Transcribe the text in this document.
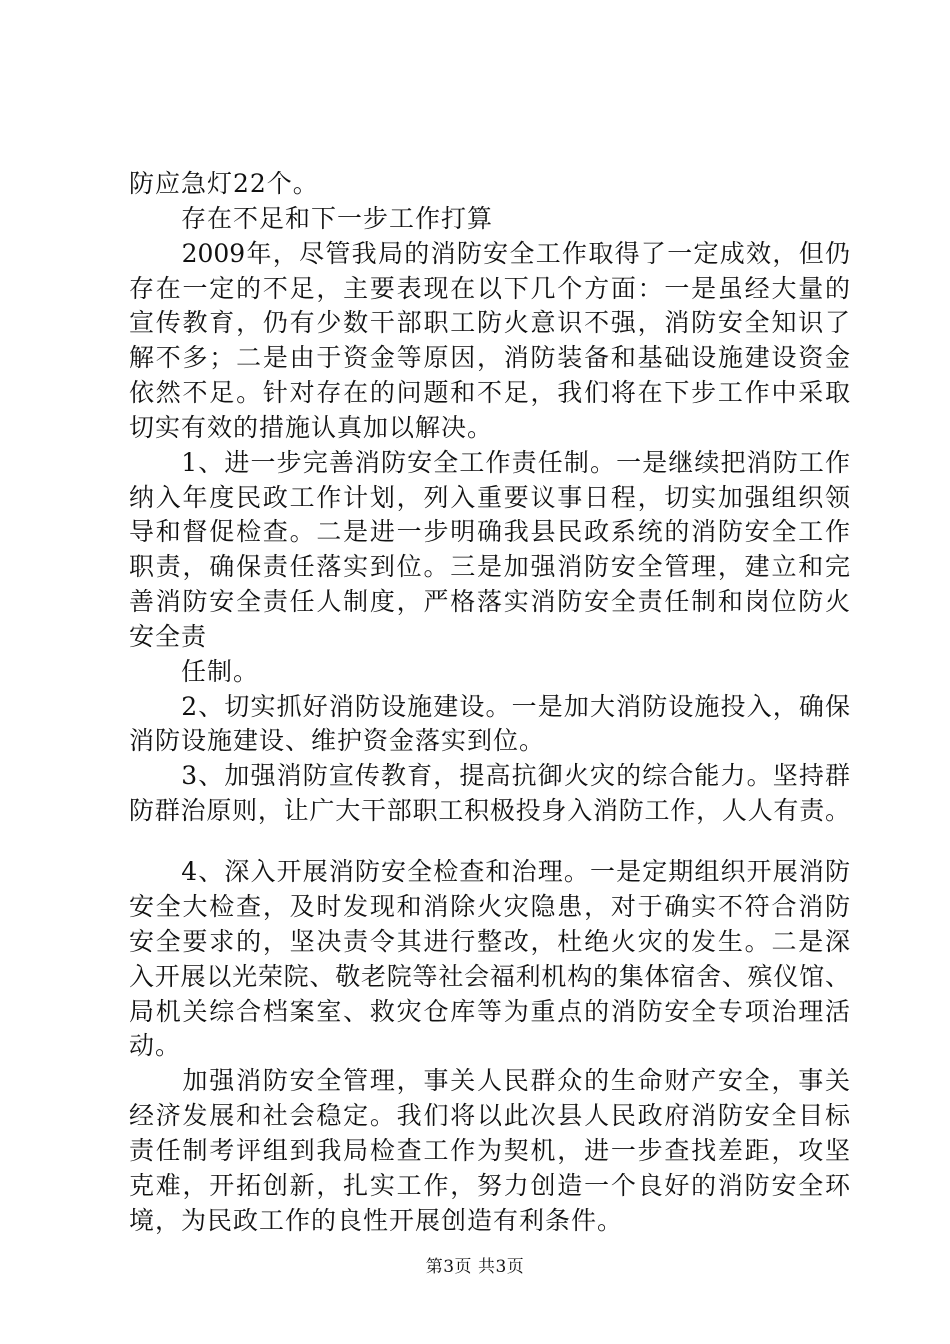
防应急灯22个。
　　存在不足和下一步工作打算
　　2009年，尽管我局的消防安全工作取得了一定成效，但仍
存在一定的不足，主要表现在以下几个方面：一是虽经大量的
宣传教育，仍有少数干部职工防火意识不强，消防安全知识了
解不多；二是由于资金等原因，消防装备和基础设施建设资金
依然不足。针对存在的问题和不足，我们将在下步工作中采取
切实有效的措施认真加以解决。
　　1、进一步完善消防安全工作责任制。一是继续把消防工作
纳入年度民政工作计划，列入重要议事日程，切实加强组织领
导和督促检查。二是进一步明确我县民政系统的消防安全工作
职责，确保责任落实到位。三是加强消防安全管理，建立和完
善消防安全责任人制度，严格落实消防安全责任制和岗位防火
安全责
　　任制。
　　2、切实抓好消防设施建设。一是加大消防设施投入，确保
消防设施建设、维护资金落实到位。
　　3、加强消防宣传教育，提高抗御火灾的综合能力。坚持群
防群治原则，让广大干部职工积极投身入消防工作，人人有责。
　　4、深入开展消防安全检查和治理。一是定期组织开展消防
安全大检查，及时发现和消除火灾隐患，对于确实不符合消防
安全要求的，坚决责令其进行整改，杜绝火灾的发生。二是深
入开展以光荣院、敬老院等社会福利机构的集体宿舍、殡仪馆、
局机关综合档案室、救灾仓库等为重点的消防安全专项治理活
动。
　　加强消防安全管理，事关人民群众的生命财产安全，事关
经济发展和社会稳定。我们将以此次县人民政府消防安全目标
责任制考评组到我局检查工作为契机，进一步查找差距，攻坚
克难，开拓创新，扎实工作，努力创造一个良好的消防安全环
境，为民政工作的良性开展创造有利条件。
第3页 共3页
